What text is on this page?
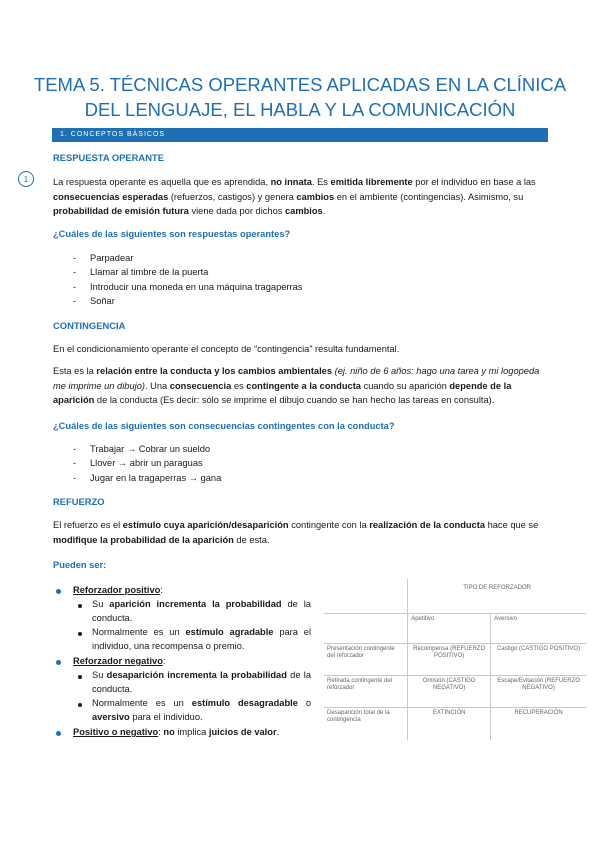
TEMA 5. TÉCNICAS OPERANTES APLICADAS EN LA CLÍNICA
DEL LENGUAJE, EL HABLA Y LA COMUNICACIÓN
1. CONCEPTOS BÁSICOS
1
RESPUESTA OPERANTE
La respuesta operante es aquella que es aprendida, no innata. Es emitida libremente por el individuo en base a las consecuencias esperadas (refuerzos, castigos) y genera cambios en el ambiente (contingencias). Asimismo, su probabilidad de emisión futura viene dada por dichos cambios.
¿Cuáles de las siguientes son respuestas operantes?
- Parpadear
- Llamar al timbre de la puerta
- Introducir una moneda en una máquina tragaperras
- Soñar
CONTINGENCIA
En el condicionamiento operante el concepto de “contingencia” resulta fundamental.
Esta es la relación entre la conducta y los cambios ambientales (ej. niño de 6 años: hago una tarea y mi logopeda me imprime un dibujo). Una consecuencia es contingente a la conducta cuando su aparición depende de la aparición de la conducta (Es decir: sólo se imprime el dibujo cuando se han hecho las tareas en consulta).
¿Cuáles de las siguientes son consecuencias contingentes con la conducta?
- Trabajar → Cobrar un sueldo
- Llover → abrir un paraguas
- Jugar en la tragaperras → gana
REFUERZO
El refuerzo es el estímulo cuya aparición/desaparición contingente con la realización de la conducta hace que se modifique la probabilidad de la aparición de esta.
Pueden ser:
Reforzador positivo:
Su aparición incrementa la probabilidad de la conducta.
Normalmente es un estímulo agradable para el individuo, una recompensa o premio.
Reforzador negativo:
Su desaparición incrementa la probabilidad de la conducta.
Normalmente es un estímulo desagradable o aversivo para el individuo.
Positivo o negativo: no implica juicios de valor.
	TIPO DE REFORZADOR	
	Apetitivo	Aversivo
Presentación contingente del reforzador	Recompensa (REFUERZO POSITIVO)	Castigo (CASTIGO POSITIVO)
Retirada contingente del reforzador	Omisión (CASTIGO NEGATIVO)	Escape/Evitación (REFUERZO NEGATIVO)
Desaparición total de la contingencia	EXTINCIÓN	RECUPERACIÓN
